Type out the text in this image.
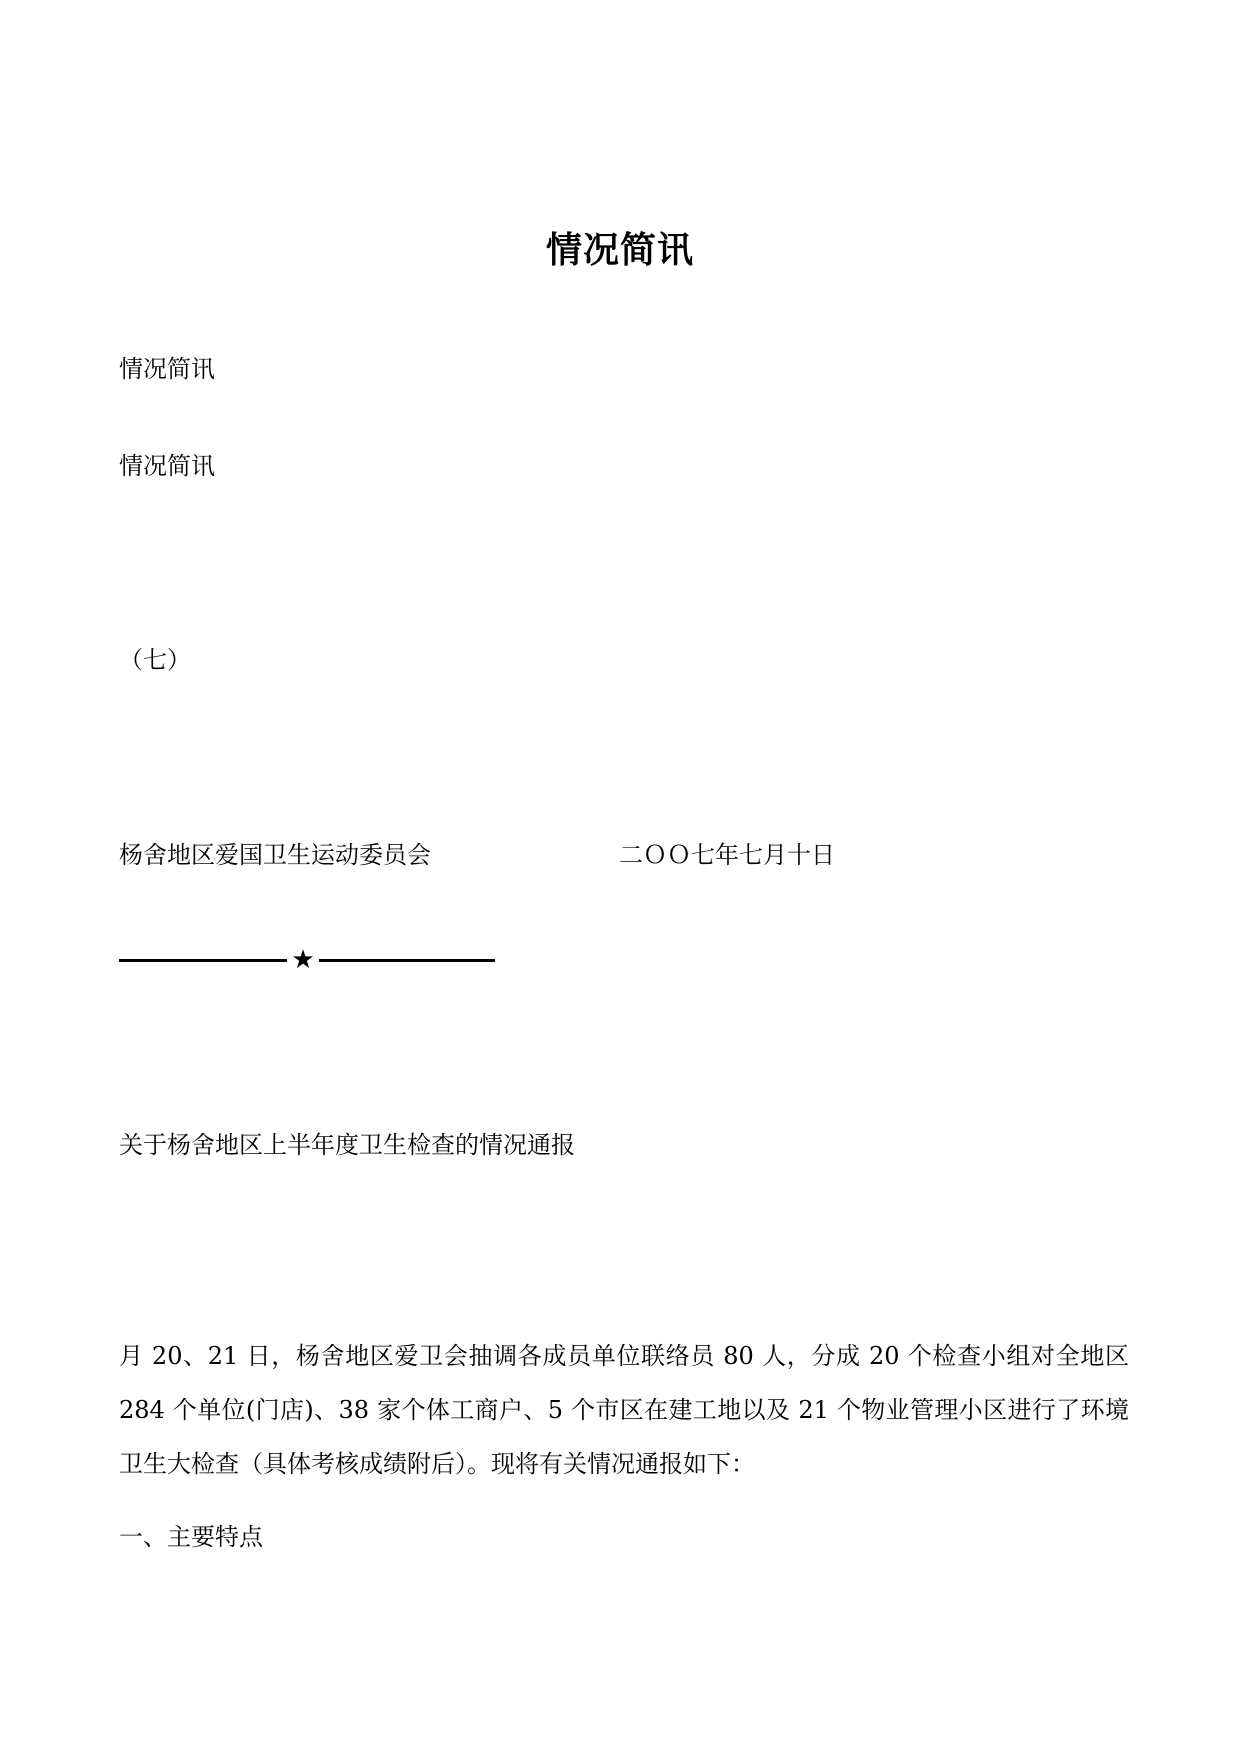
情况简讯
情况简讯
情况简讯
（七）
杨舍地区爱国卫生运动委员会	二ＯＯ七年七月十日
★
关于杨舍地区上半年度卫生检查的情况通报
月 20、21 日，杨舍地区爱卫会抽调各成员单位联络员 80 人，分成 20 个检查小组对全地区 284 个单位(门店)、38 家个体工商户、5 个市区在建工地以及 21 个物业管理小区进行了环境卫生大检查（具体考核成绩附后）。现将有关情况通报如下：
一、主要特点
